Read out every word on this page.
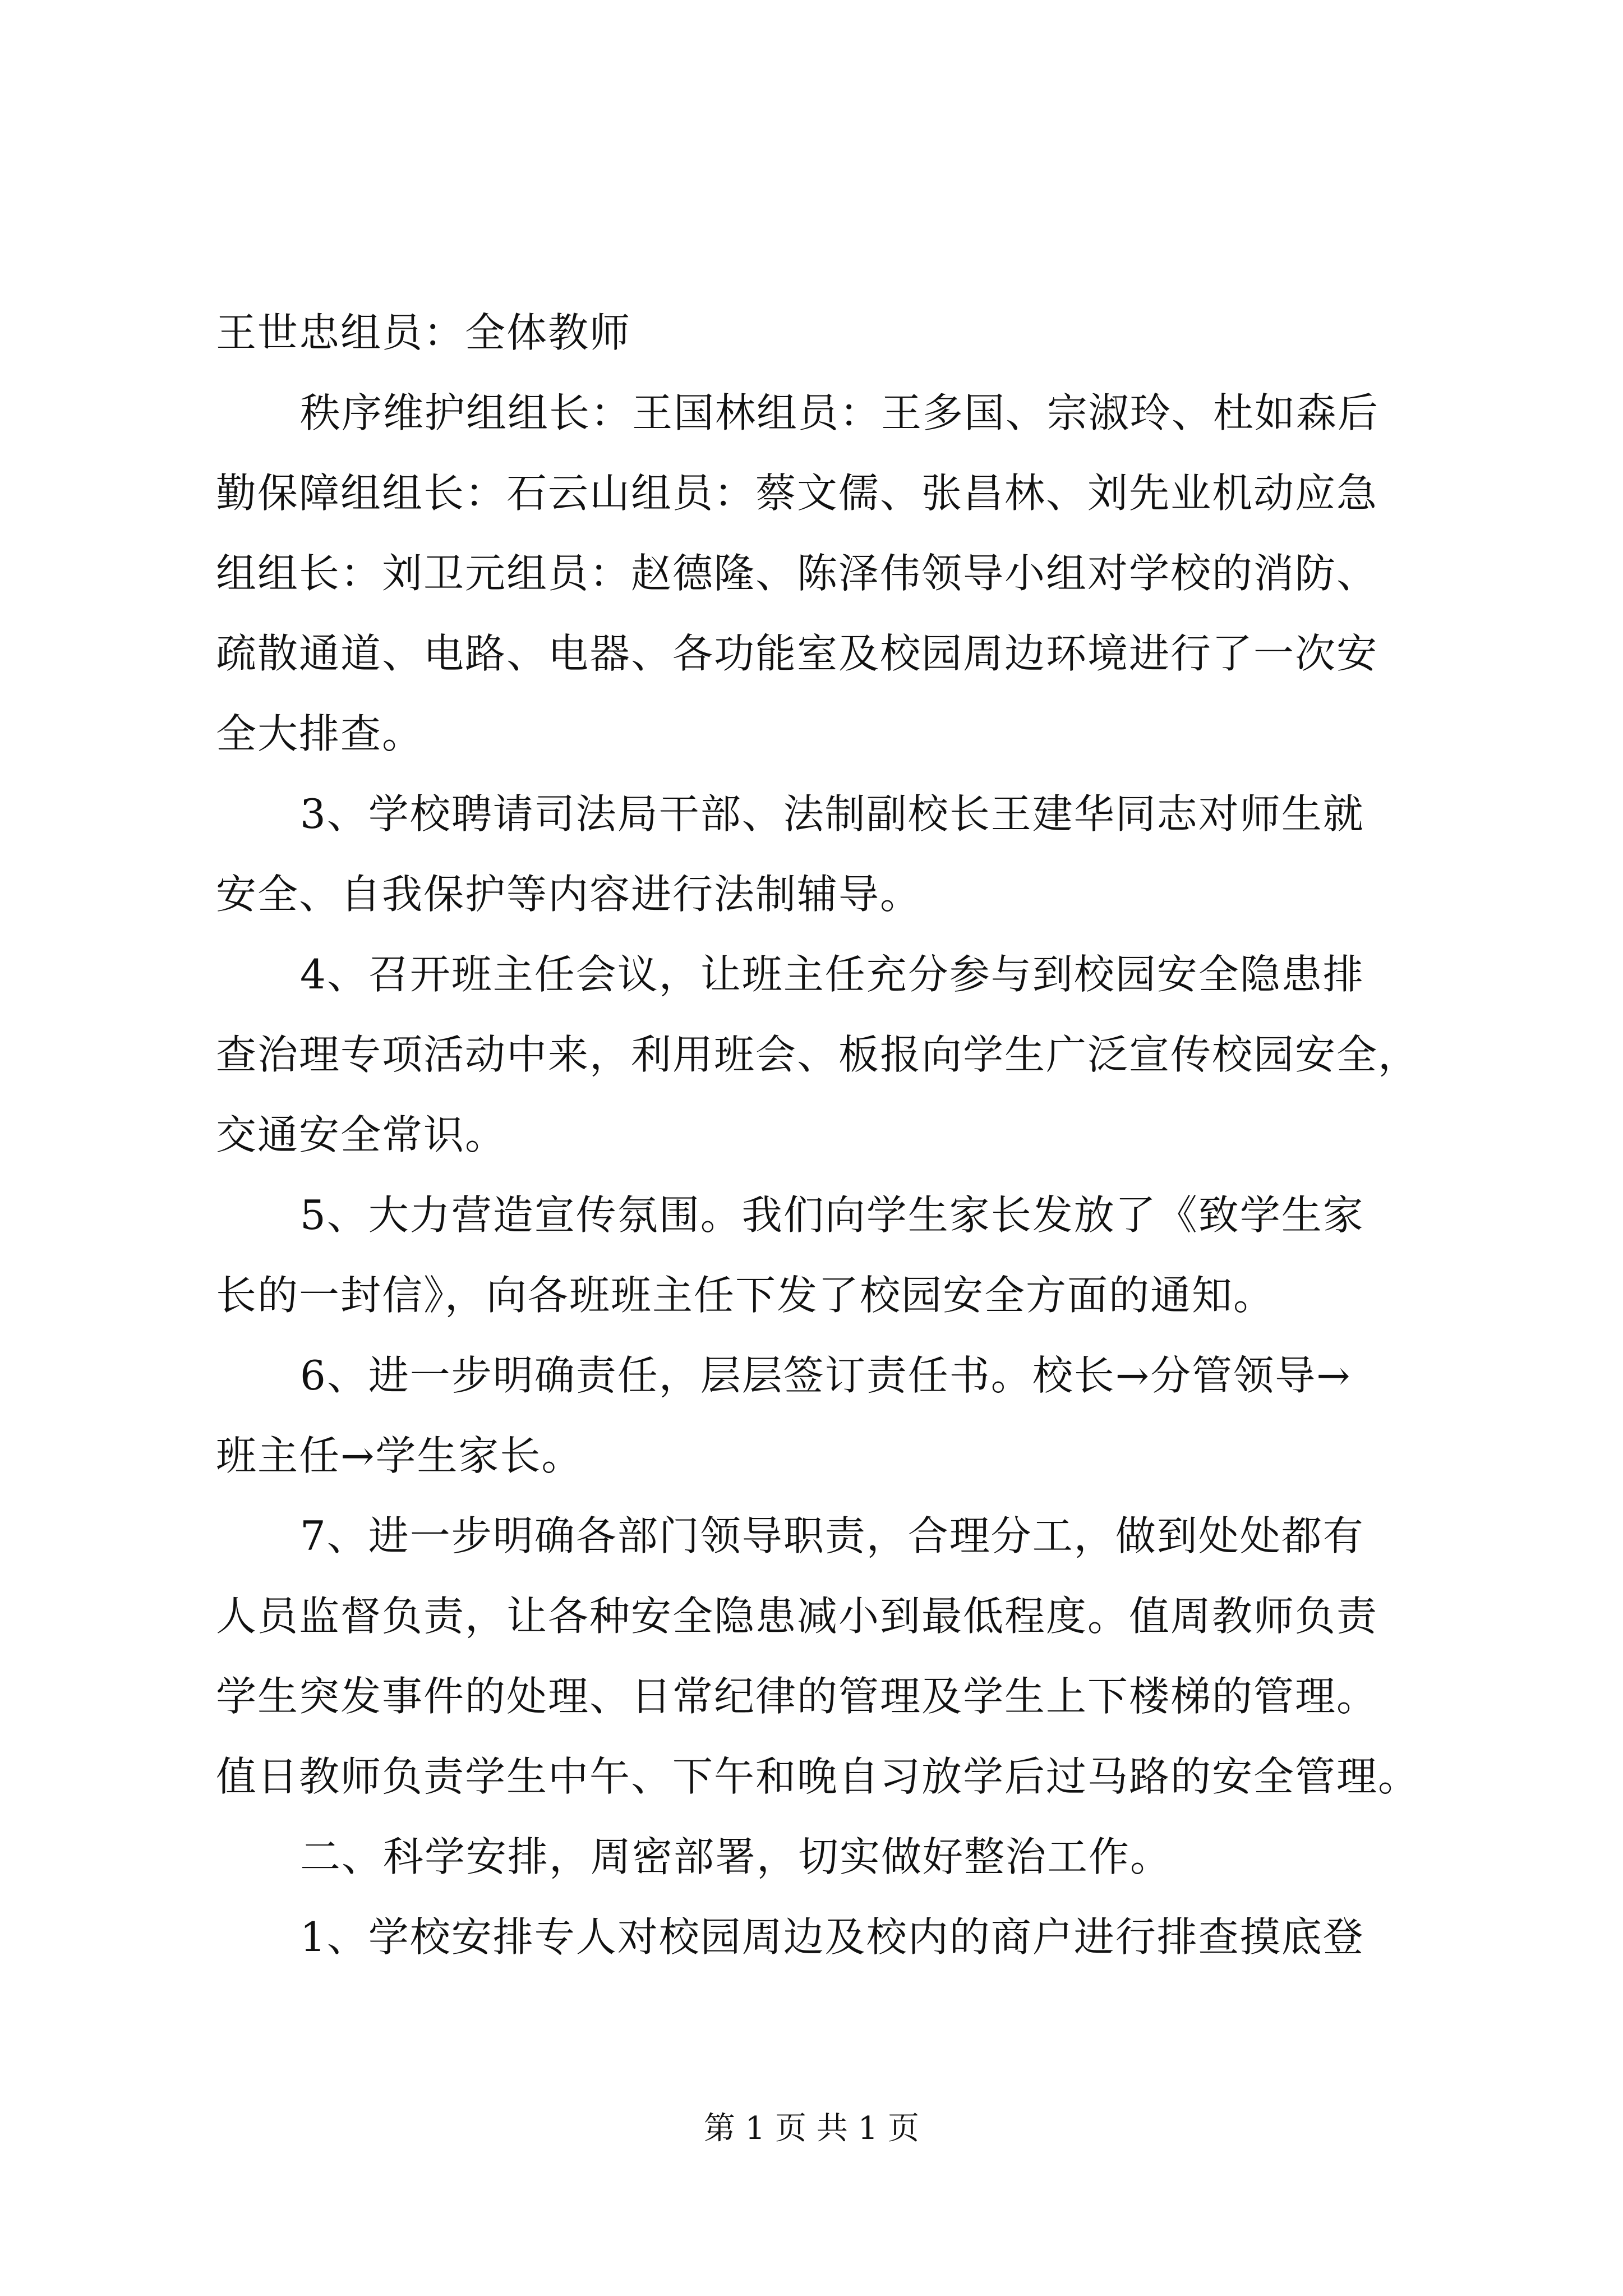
王世忠组员：全体教师
秩序维护组组长：王国林组员：王多国、宗淑玲、杜如森后
勤保障组组长：石云山组员：蔡文儒、张昌林、刘先业机动应急
组组长：刘卫元组员：赵德隆、陈泽伟领导小组对学校的消防、
疏散通道、电路、电器、各功能室及校园周边环境进行了一次安
全大排查。
3、学校聘请司法局干部、法制副校长王建华同志对师生就
安全、自我保护等内容进行法制辅导。
4、召开班主任会议，让班主任充分参与到校园安全隐患排
查治理专项活动中来，利用班会、板报向学生广泛宣传校园安全，
交通安全常识。
5、大力营造宣传氛围。我们向学生家长发放了《致学生家
长的一封信》，向各班班主任下发了校园安全方面的通知。
6、进一步明确责任，层层签订责任书。校长→分管领导→
班主任→学生家长。
7、进一步明确各部门领导职责，合理分工，做到处处都有
人员监督负责，让各种安全隐患减小到最低程度。值周教师负责
学生突发事件的处理、日常纪律的管理及学生上下楼梯的管理。
值日教师负责学生中午、下午和晚自习放学后过马路的安全管理。
二、科学安排，周密部署，切实做好整治工作。
1、学校安排专人对校园周边及校内的商户进行排查摸底登
第 1 页 共 1 页
